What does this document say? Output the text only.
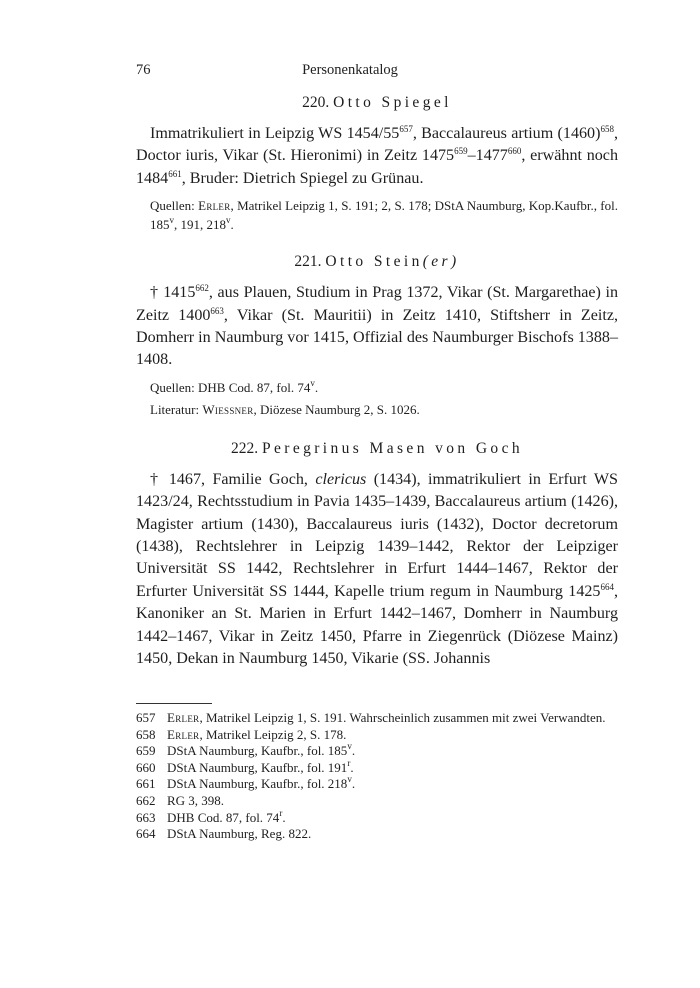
76	Personenkatalog
220. Otto Spiegel

Immatrikuliert in Leipzig WS $1454/55^{657}$, Baccalaureus artium $(1460)^{658}$, Doctor iuris, Vikar (St. Hieronimi) in Zeitz 1475$^{659}$–1477$^{660}$, erwähnt noch 1484$^{661}$, Bruder: Dietrich Spiegel zu Grünau.

Quellen: Erler, Matrikel Leipzig 1, S. 191; 2, S. 178; DStA Naumburg, Kop.Kaufbr., fol. 185$^v$, 191, 218$^v$.

221. Otto Stein(er)

† 1415$^{662}$, aus Plauen, Studium in Prag 1372, Vikar (St. Margarethae) in Zeitz 1400$^{663}$, Vikar (St. Mauritii) in Zeitz 1410, Stiftsherr in Zeitz, Domherr in Naumburg vor 1415, Offizial des Naumburger Bischofs 1388–1408.

Quellen: DHB Cod. 87, fol. 74$^v$.

Literatur: Wiessner, Diözese Naumburg 2, S. 1026.

222. Peregrinus Masen von Goch

† 1467, Familie Goch, clericus (1434), immatrikuliert in Erfurt WS 1423/24, Rechtsstudium in Pavia 1435–1439, Baccalaureus artium (1426), Magister artium (1430), Baccalaureus iuris (1432), Doctor decretorum (1438), Rechtslehrer in Leipzig 1439–1442, Rektor der Leipziger Universität SS 1442, Rechtslehrer in Erfurt 1444–1467, Rektor der Erfurter Universität SS 1444, Kapelle trium regum in Naumburg 1425$^{664}$, Kanoniker an St. Marien in Erfurt 1442–1467, Domherr in Naumburg 1442–1467, Vikar in Zeitz 1450, Pfarre in Ziegenrück (Diözese Mainz) 1450, Dekan in Naumburg 1450, Vikarie (SS. Johannis

657 Erler, Matrikel Leipzig 1, S. 191. Wahrscheinlich zusammen mit zwei Verwandten.
658 Erler, Matrikel Leipzig 2, S. 178.
659 DStA Naumburg, Kaufbr., fol. 185$^v$.
660 DStA Naumburg, Kaufbr., fol. 191$^r$.
661 DStA Naumburg, Kaufbr., fol. 218$^v$.
662 RG 3, 398.
663 DHB Cod. 87, fol. 74$^r$.
664 DStA Naumburg, Reg. 822.
